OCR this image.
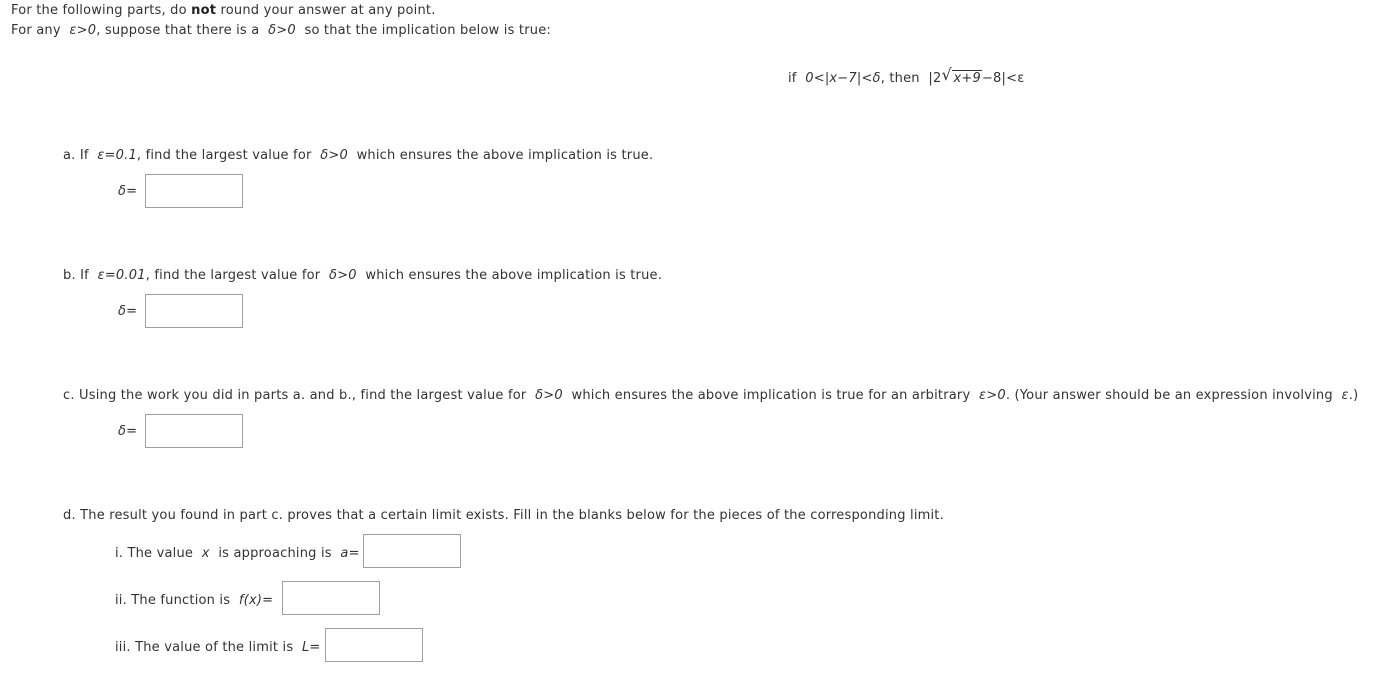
For the following parts, do not round your answer at any point.
For any ε>0, suppose that there is a δ>0 so that the implication below is true:
if 0<|x−7|<δ, then |2 √ x+9−8|<ε
a. If ε=0.1, find the largest value for δ>0 which ensures the above implication is true.
δ=
b. If ε=0.01, find the largest value for δ>0 which ensures the above implication is true.
δ=
c. Using the work you did in parts a. and b., find the largest value for δ>0 which ensures the above implication is true for an arbitrary ε>0. (Your answer should be an expression involving ε.)
δ=
d. The result you found in part c. proves that a certain limit exists. Fill in the blanks below for the pieces of the corresponding limit.
i. The value x is approaching is a=
ii. The function is f(x)=
iii. The value of the limit is L=
